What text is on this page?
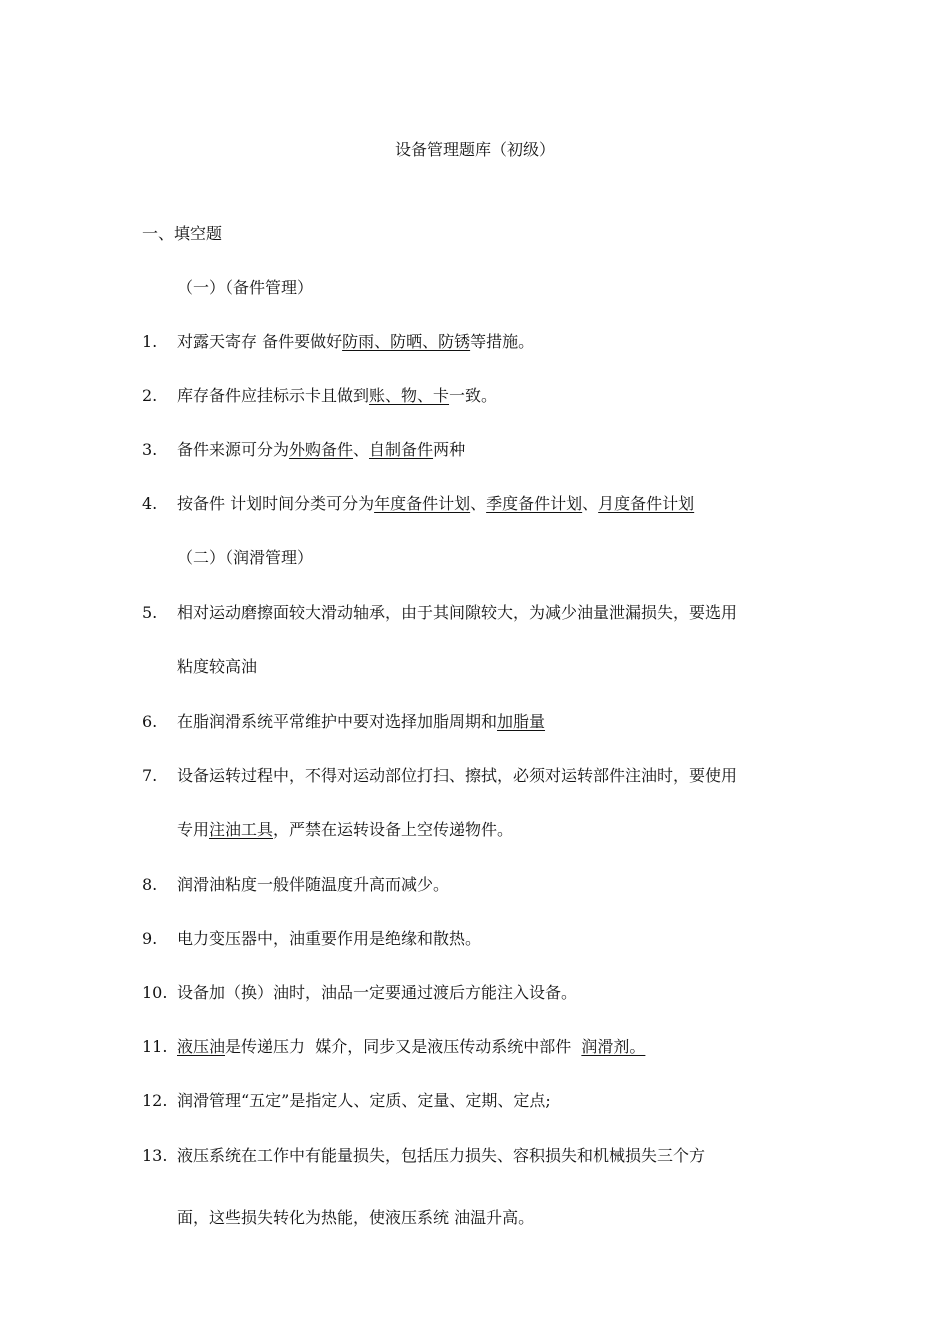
设备管理题库（初级）
一、填空题
（一）（备件管理）
1. 对露天寄存 备件要做好防雨、防晒、防锈等措施。
2. 库存备件应挂标示卡且做到账、物、卡一致。
3. 备件来源可分为外购备件、自制备件两种
4. 按备件 计划时间分类可分为年度备件计划、季度备件计划、月度备件计划
（二）（润滑管理）
5. 相对运动磨擦面较大滑动轴承，由于其间隙较大，为减少油量泄漏损失，要选用
粘度较高油
6. 在脂润滑系统平常维护中要对选择加脂周期和加脂量
7. 设备运转过程中，不得对运动部位打扫、擦拭，必须对运转部件注油时，要使用
专用注油工具，严禁在运转设备上空传递物件。
8. 润滑油粘度一般伴随温度升高而减少。
9. 电力变压器中，油重要作用是绝缘和散热。
10. 设备加（换）油时，油品一定要通过渡后方能注入设备。
11. 液压油是传递压力  媒介，同步又是液压传动系统中部件  润滑剂。
12. 润滑管理“五定”是指定人、定质、定量、定期、定点;
13. 液压系统在工作中有能量损失，包括压力损失、容积损失和机械损失三个方
面，这些损失转化为热能，使液压系统 油温升高。
